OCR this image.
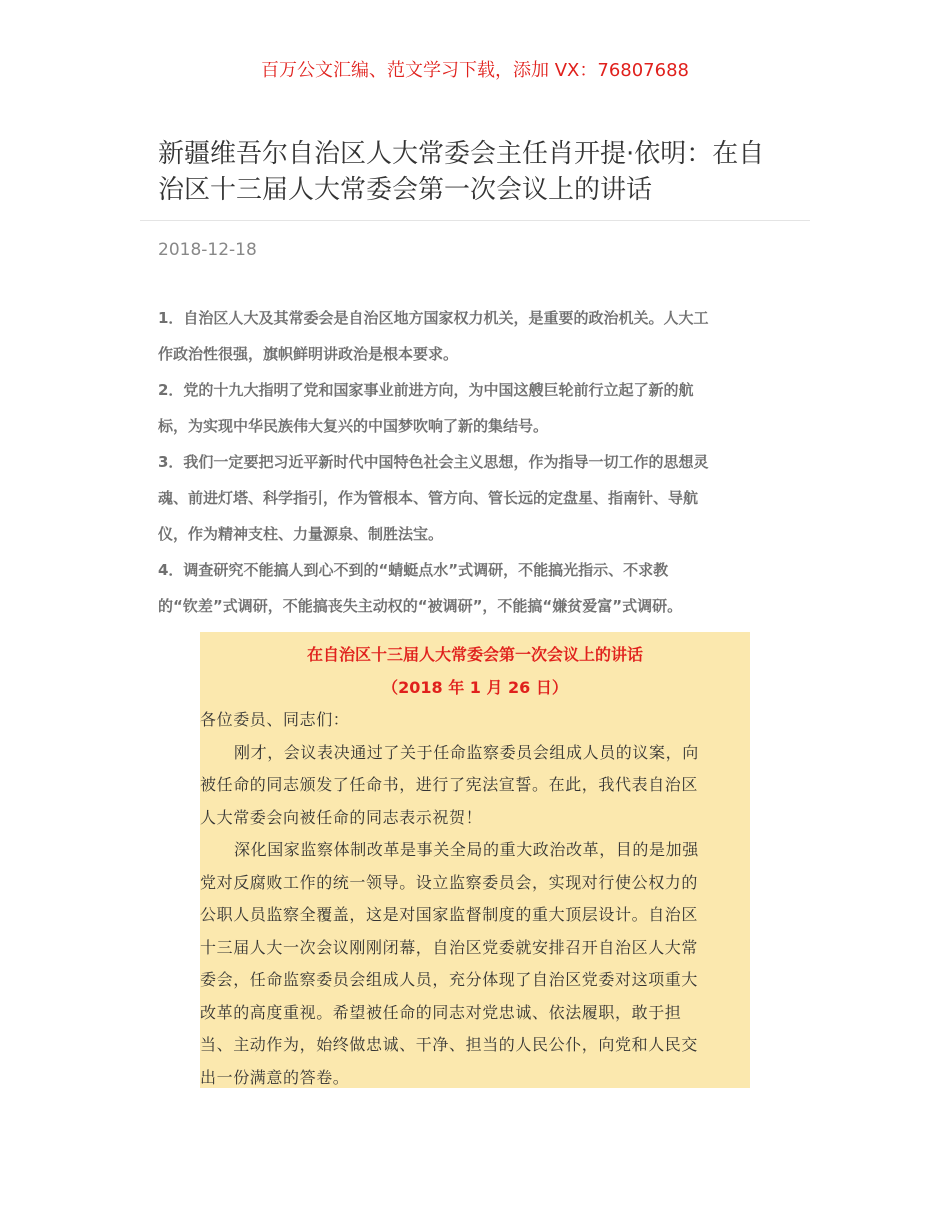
百万公文汇编、范文学习下载，添加 VX：76807688
新疆维吾尔自治区人大常委会主任肖开提·依明：在自
治区十三届人大常委会第一次会议上的讲话
2018-12-18
1．自治区人大及其常委会是自治区地方国家权力机关，是重要的政治机关。人大工
作政治性很强，旗帜鲜明讲政治是根本要求。
2．党的十九大指明了党和国家事业前进方向，为中国这艘巨轮前行立起了新的航
标，为实现中华民族伟大复兴的中国梦吹响了新的集结号。
3．我们一定要把习近平新时代中国特色社会主义思想，作为指导一切工作的思想灵
魂、前进灯塔、科学指引，作为管根本、管方向、管长远的定盘星、指南针、导航
仪，作为精神支柱、力量源泉、制胜法宝。
4．调查研究不能搞人到心不到的“蜻蜓点水”式调研，不能搞光指示、不求教
的“钦差”式调研，不能搞丧失主动权的“被调研”，不能搞“嫌贫爱富”式调研。
在自治区十三届人大常委会第一次会议上的讲话
（2018 年 1 月 26 日）
各位委员、同志们：
刚才，会议表决通过了关于任命监察委员会组成人员的议案，向
被任命的同志颁发了任命书，进行了宪法宣誓。在此，我代表自治区
人大常委会向被任命的同志表示祝贺！
深化国家监察体制改革是事关全局的重大政治改革，目的是加强
党对反腐败工作的统一领导。设立监察委员会，实现对行使公权力的
公职人员监察全覆盖，这是对国家监督制度的重大顶层设计。自治区
十三届人大一次会议刚刚闭幕，自治区党委就安排召开自治区人大常
委会，任命监察委员会组成人员，充分体现了自治区党委对这项重大
改革的高度重视。希望被任命的同志对党忠诚、依法履职，敢于担
当、主动作为，始终做忠诚、干净、担当的人民公仆，向党和人民交
出一份满意的答卷。
